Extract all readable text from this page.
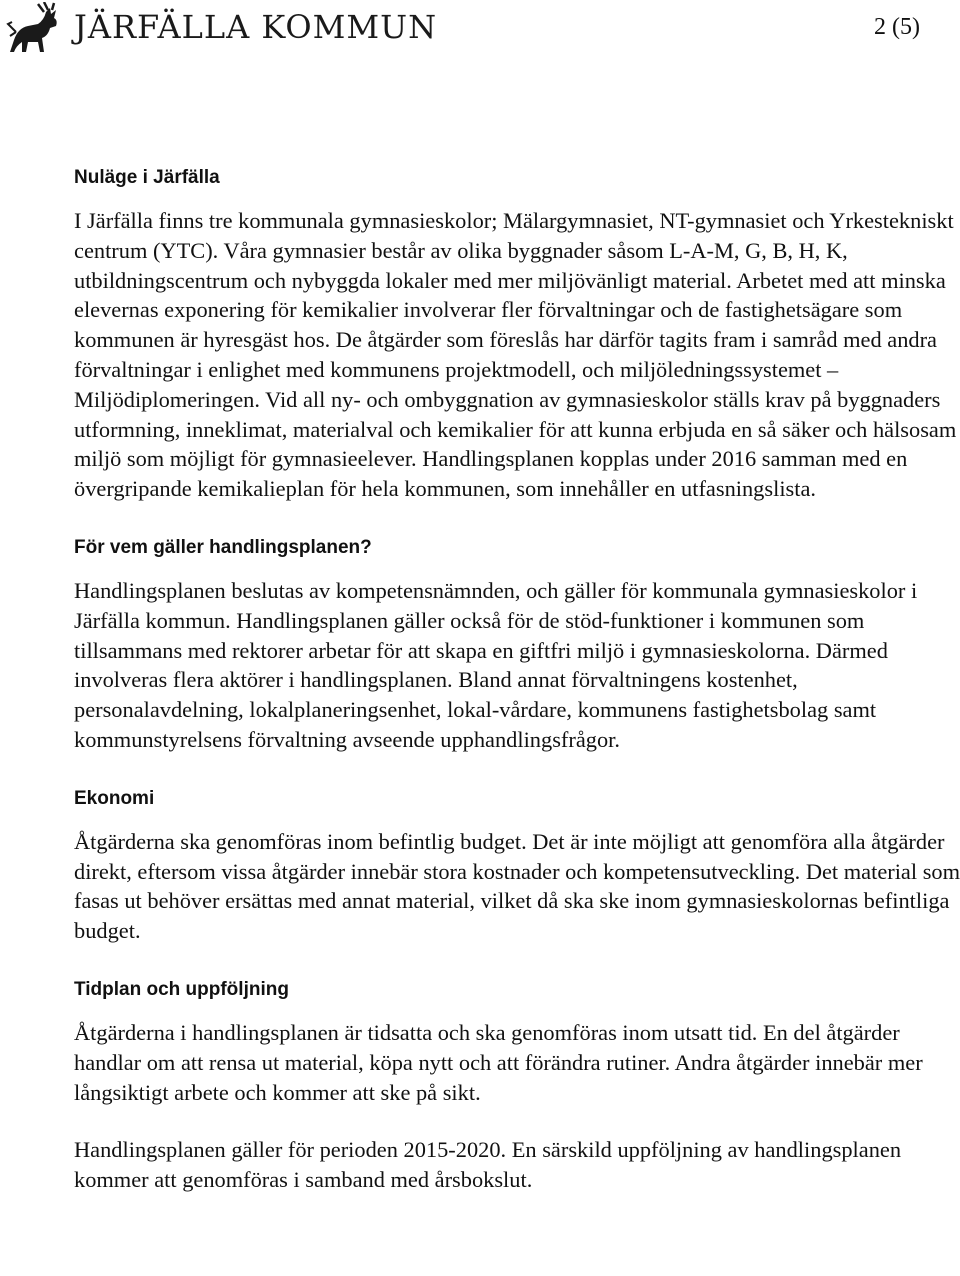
JÄRFÄLLA KOMMUN	2 (5)
Nuläge i Järfälla

I Järfälla finns tre kommunala gymnasieskolor; Mälargymnasiet, NT-gymnasiet och Yrkestekniskt centrum (YTC). Våra gymnasier består av olika byggnader såsom L-A-M, G, B, H, K, utbildningscentrum och nybyggda lokaler med mer miljövänligt material. Arbetet med att minska elevernas exponering för kemikalier involverar fler förvaltningar och de fastighetsägare som kommunen är hyresgäst hos. De åtgärder som föreslås har därför tagits fram i samråd med andra förvaltningar i enlighet med kommunens projektmodell, och miljöledningssystemet – Miljödiplomeringen. Vid all ny- och ombyggnation av gymnasieskolor ställs krav på byggnaders utformning, inneklimat, materialval och kemikalier för att kunna erbjuda en så säker och hälsosam miljö som möjligt för gymnasieelever. Handlingsplanen kopplas under 2016 samman med en övergripande kemikalieplan för hela kommunen, som innehåller en utfasningslista.

För vem gäller handlingsplanen?

Handlingsplanen beslutas av kompetensnämnden, och gäller för kommunala gymnasieskolor i Järfälla kommun. Handlingsplanen gäller också för de stöd-funktioner i kommunen som tillsammans med rektorer arbetar för att skapa en giftfri miljö i gymnasieskolorna. Därmed involveras flera aktörer i handlingsplanen. Bland annat förvaltningens kostenhet, personalavdelning, lokalplaneringsenhet, lokal-vårdare, kommunens fastighetsbolag samt kommunstyrelsens förvaltning avseende upphandlingsfrågor.

Ekonomi

Åtgärderna ska genomföras inom befintlig budget. Det är inte möjligt att genomföra alla åtgärder direkt, eftersom vissa åtgärder innebär stora kostnader och kompetensutveckling. Det material som fasas ut behöver ersättas med annat material, vilket då ska ske inom gymnasieskolornas befintliga budget.

Tidplan och uppföljning

Åtgärderna i handlingsplanen är tidsatta och ska genomföras inom utsatt tid. En del åtgärder handlar om att rensa ut material, köpa nytt och att förändra rutiner. Andra åtgärder innebär mer långsiktigt arbete och kommer att ske på sikt.

Handlingsplanen gäller för perioden 2015-2020. En särskild uppföljning av handlingsplanen kommer att genomföras i samband med årsbokslut.
